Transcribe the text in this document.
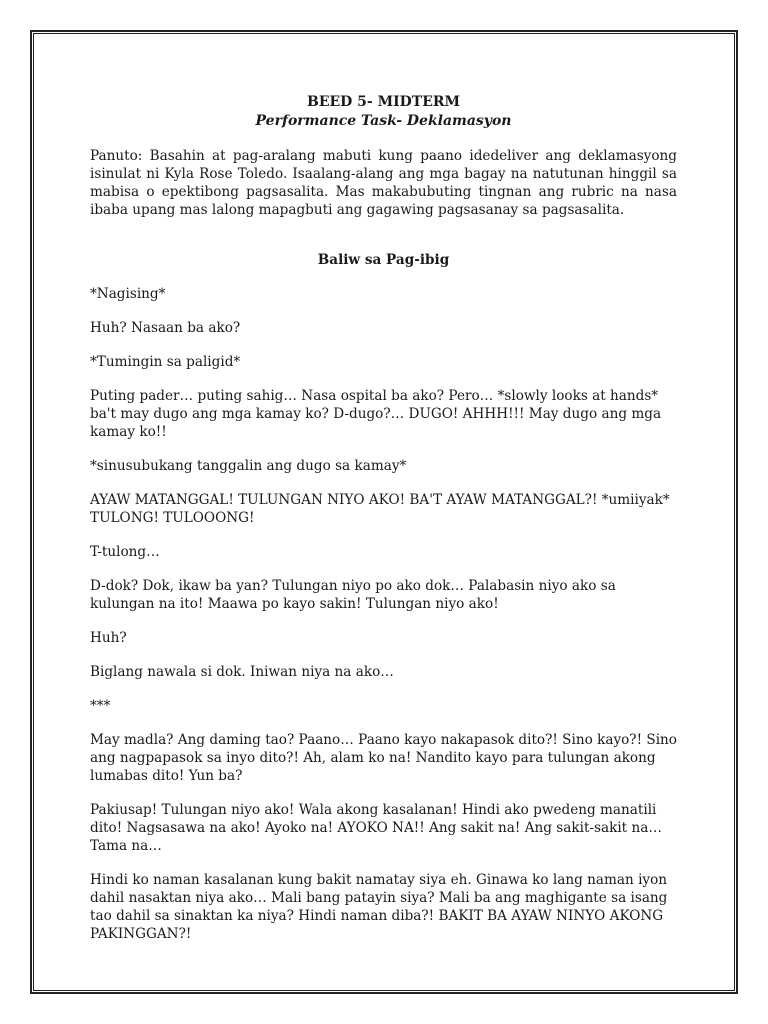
BEED 5- MIDTERM

Performance Task- Deklamasyon

Panuto: Basahin at pag-aralang mabuti kung paano idedeliver ang deklamasyong isinulat ni Kyla Rose Toledo. Isaalang-alang ang mga bagay na natutunan hinggil sa mabisa o epektibong pagsasalita. Mas makabubuting tingnan ang rubric na nasa ibaba upang mas lalong mapagbuti ang gagawing pagsasanay sa pagsasalita.

Baliw sa Pag-ibig

*Nagising*

Huh? Nasaan ba ako?

*Tumingin sa paligid*

Puting pader… puting sahig… Nasa ospital ba ako? Pero… *slowly looks at hands* ba't may dugo ang mga kamay ko? D-dugo?… DUGO! AHHH!!! May dugo ang mga kamay ko!!

*sinusubukang tanggalin ang dugo sa kamay*

AYAW MATANGGAL! TULUNGAN NIYO AKO! BA'T AYAW MATANGGAL?! *umiiyak* TULONG! TULOOONG!

T-tulong…

D-dok? Dok, ikaw ba yan? Tulungan niyo po ako dok… Palabasin niyo ako sa kulungan na ito! Maawa po kayo sakin! Tulungan niyo ako!

Huh?

Biglang nawala si dok. Iniwan niya na ako…

***

May madla? Ang daming tao? Paano… Paano kayo nakapasok dito?! Sino kayo?! Sino ang nagpapasok sa inyo dito?! Ah, alam ko na! Nandito kayo para tulungan akong lumabas dito! Yun ba?

Pakiusap! Tulungan niyo ako! Wala akong kasalanan! Hindi ako pwedeng manatili dito! Nagsasawa na ako! Ayoko na! AYOKO NA!! Ang sakit na! Ang sakit-sakit na… Tama na…

Hindi ko naman kasalanan kung bakit namatay siya eh. Ginawa ko lang naman iyon dahil nasaktan niya ako… Mali bang patayin siya? Mali ba ang maghigante sa isang tao dahil sa sinaktan ka niya? Hindi naman diba?! BAKIT BA AYAW NINYO AKONG PAKINGGAN?!
